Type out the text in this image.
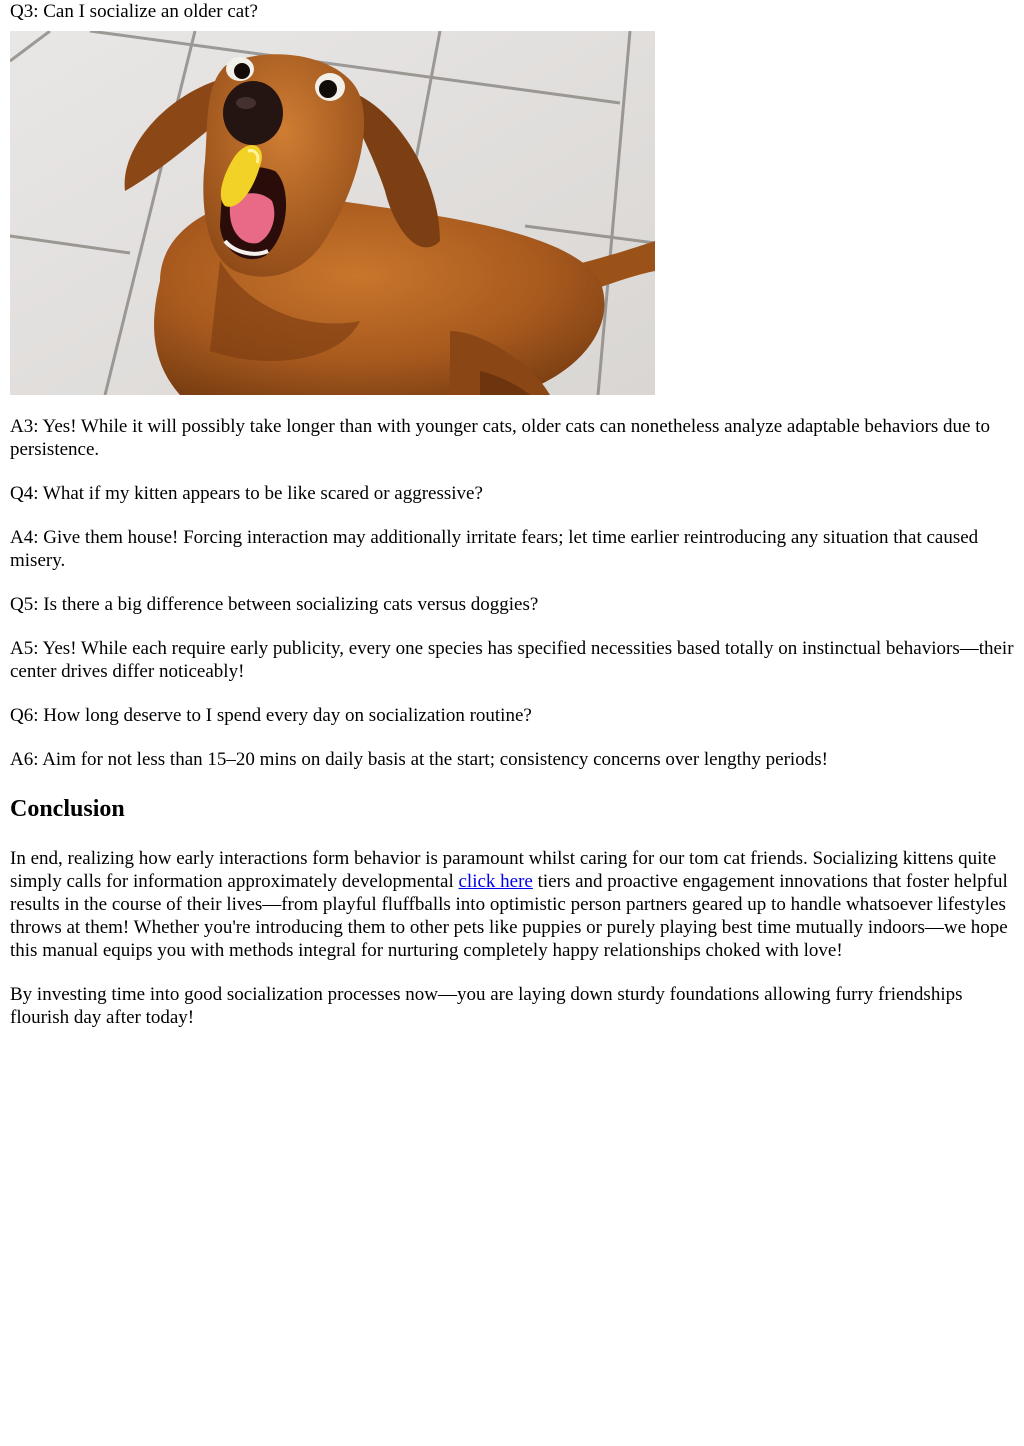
Q3: Can I socialize an older cat?

A3: Yes! While it will possibly take longer than with younger cats, older cats can nonetheless analyze adaptable behaviors due to persistence.

Q4: What if my kitten appears to be like scared or aggressive?

A4: Give them house! Forcing interaction may additionally irritate fears; let time earlier reintroducing any situation that caused misery.

Q5: Is there a big difference between socializing cats versus doggies?

A5: Yes! While each require early publicity, every one species has specified necessities based totally on instinctual behaviors—their center drives differ noticeably!

Q6: How long deserve to I spend every day on socialization routine?

A6: Aim for not less than 15–20 mins on daily basis at the start; consistency concerns over lengthy periods!

Conclusion

In end, realizing how early interactions form behavior is paramount whilst caring for our tom cat friends. Socializing kittens quite simply calls for information approximately developmental click here tiers and proactive engagement innovations that foster helpful results in the course of their lives—from playful fluffballs into optimistic person partners geared up to handle whatsoever lifestyles throws at them! Whether you're introducing them to other pets like puppies or purely playing best time mutually indoors—we hope this manual equips you with methods integral for nurturing completely happy relationships choked with love!

By investing time into good socialization processes now—you are laying down sturdy foundations allowing furry friendships flourish day after today!
